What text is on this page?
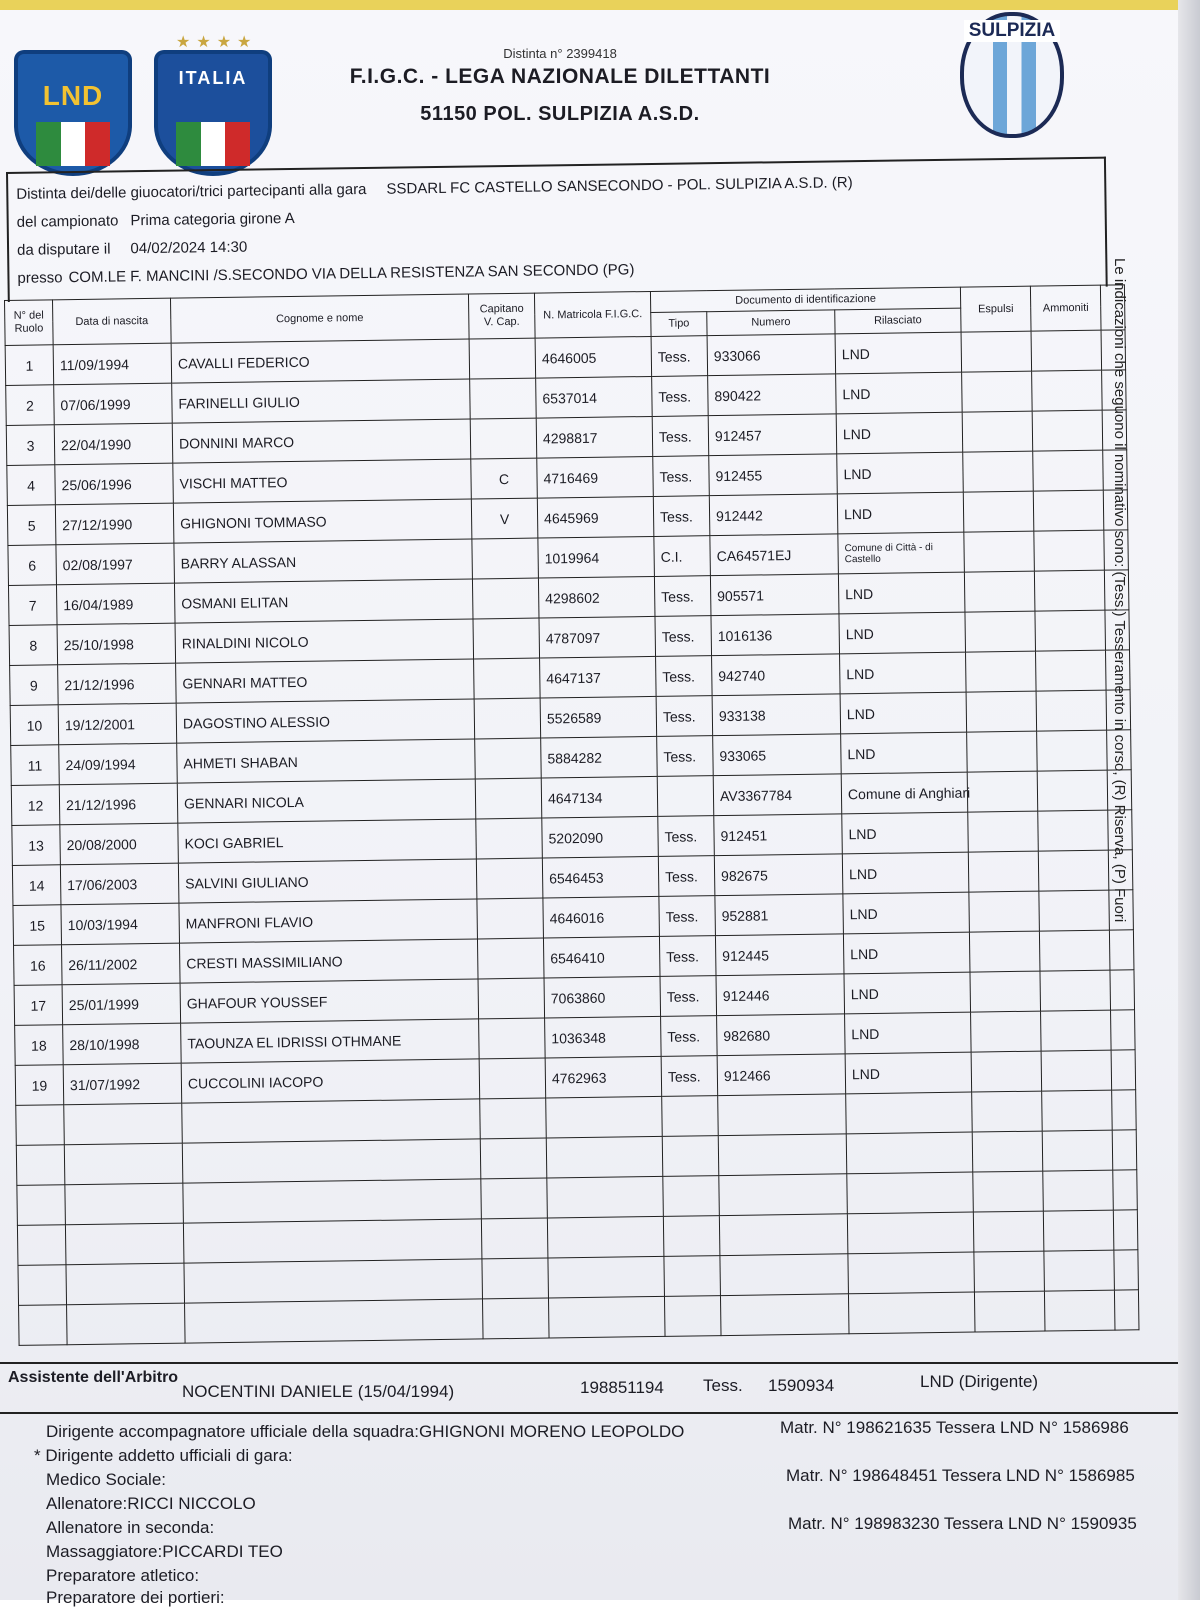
LND
★★★★
ITALIA
Distinta n° 2399418
F.I.G.C. - LEGA NAZIONALE DILETTANTI
51150 POL. SULPIZIA A.S.D.
SULPIZIA
Distinta dei/delle giuocatori/trici partecipanti alla gara SSDARL FC CASTELLO SANSECONDO - POL. SULPIZIA A.S.D. (R)
del campionato Prima categoria girone A
da disputare il 04/02/2024 14:30
presso COM.LE F. MANCINI /S.SECONDO VIA DELLA RESISTENZA SAN SECONDO (PG)
N° del Ruolo	Data di nascita	Cognome e nome	Capitano V. Cap.	N. Matricola F.I.G.C.	Documento di identificazione			Espulsi	Ammoniti	
					Tipo	Numero	Rilasciato			
1	11/09/1994	CAVALLI FEDERICO		4646005	Tess.	933066	LND			
2	07/06/1999	FARINELLI GIULIO		6537014	Tess.	890422	LND			
3	22/04/1990	DONNINI MARCO		4298817	Tess.	912457	LND			
4	25/06/1996	VISCHI MATTEO	C	4716469	Tess.	912455	LND			
5	27/12/1990	GHIGNONI TOMMASO	V	4645969	Tess.	912442	LND			
6	02/08/1997	BARRY ALASSAN		1019964	C.I.	CA64571EJ	Comune di Città - di Castello			
7	16/04/1989	OSMANI ELITAN		4298602	Tess.	905571	LND			
8	25/10/1998	RINALDINI NICOLO		4787097	Tess.	1016136	LND			
9	21/12/1996	GENNARI MATTEO		4647137	Tess.	942740	LND			
10	19/12/2001	DAGOSTINO ALESSIO		5526589	Tess.	933138	LND			
11	24/09/1994	AHMETI SHABAN		5884282	Tess.	933065	LND			
12	21/12/1996	GENNARI NICOLA		4647134		AV3367784	Comune di Anghiari			
13	20/08/2000	KOCI GABRIEL		5202090	Tess.	912451	LND			
14	17/06/2003	SALVINI GIULIANO		6546453	Tess.	982675	LND			
15	10/03/1994	MANFRONI FLAVIO		4646016	Tess.	952881	LND			
16	26/11/2002	CRESTI MASSIMILIANO		6546410	Tess.	912445	LND			
17	25/01/1999	GHAFOUR YOUSSEF		7063860	Tess.	912446	LND			
18	28/10/1998	TAOUNZA EL IDRISSI OTHMANE		1036348	Tess.	982680	LND			
19	31/07/1992	CUCCOLINI IACOPO		4762963	Tess.	912466	LND			

Assistente dell'Arbitro
NOCENTINI DANIELE (15/04/1994)	198851194 Tess. 1590934	LND (Dirigente)
Dirigente accompagnatore ufficiale della squadra:GHIGNONI MORENO LEOPOLDO	Matr. N° 198621635 Tessera LND N° 1586986
* Dirigente addetto ufficiali di gara:
Medico Sociale:	Matr. N° 198648451 Tessera LND N° 1586985
Allenatore:RICCI NICCOLO
Allenatore in seconda:	Matr. N° 198983230 Tessera LND N° 1590935
Massaggiatore:PICCARDI TEO
Preparatore atletico:
Preparatore dei portieri:
Le indicazioni che seguono il nominativo sono: (Tess.) Tesseramento in corso, (R) Riserva, (P) Fuori
